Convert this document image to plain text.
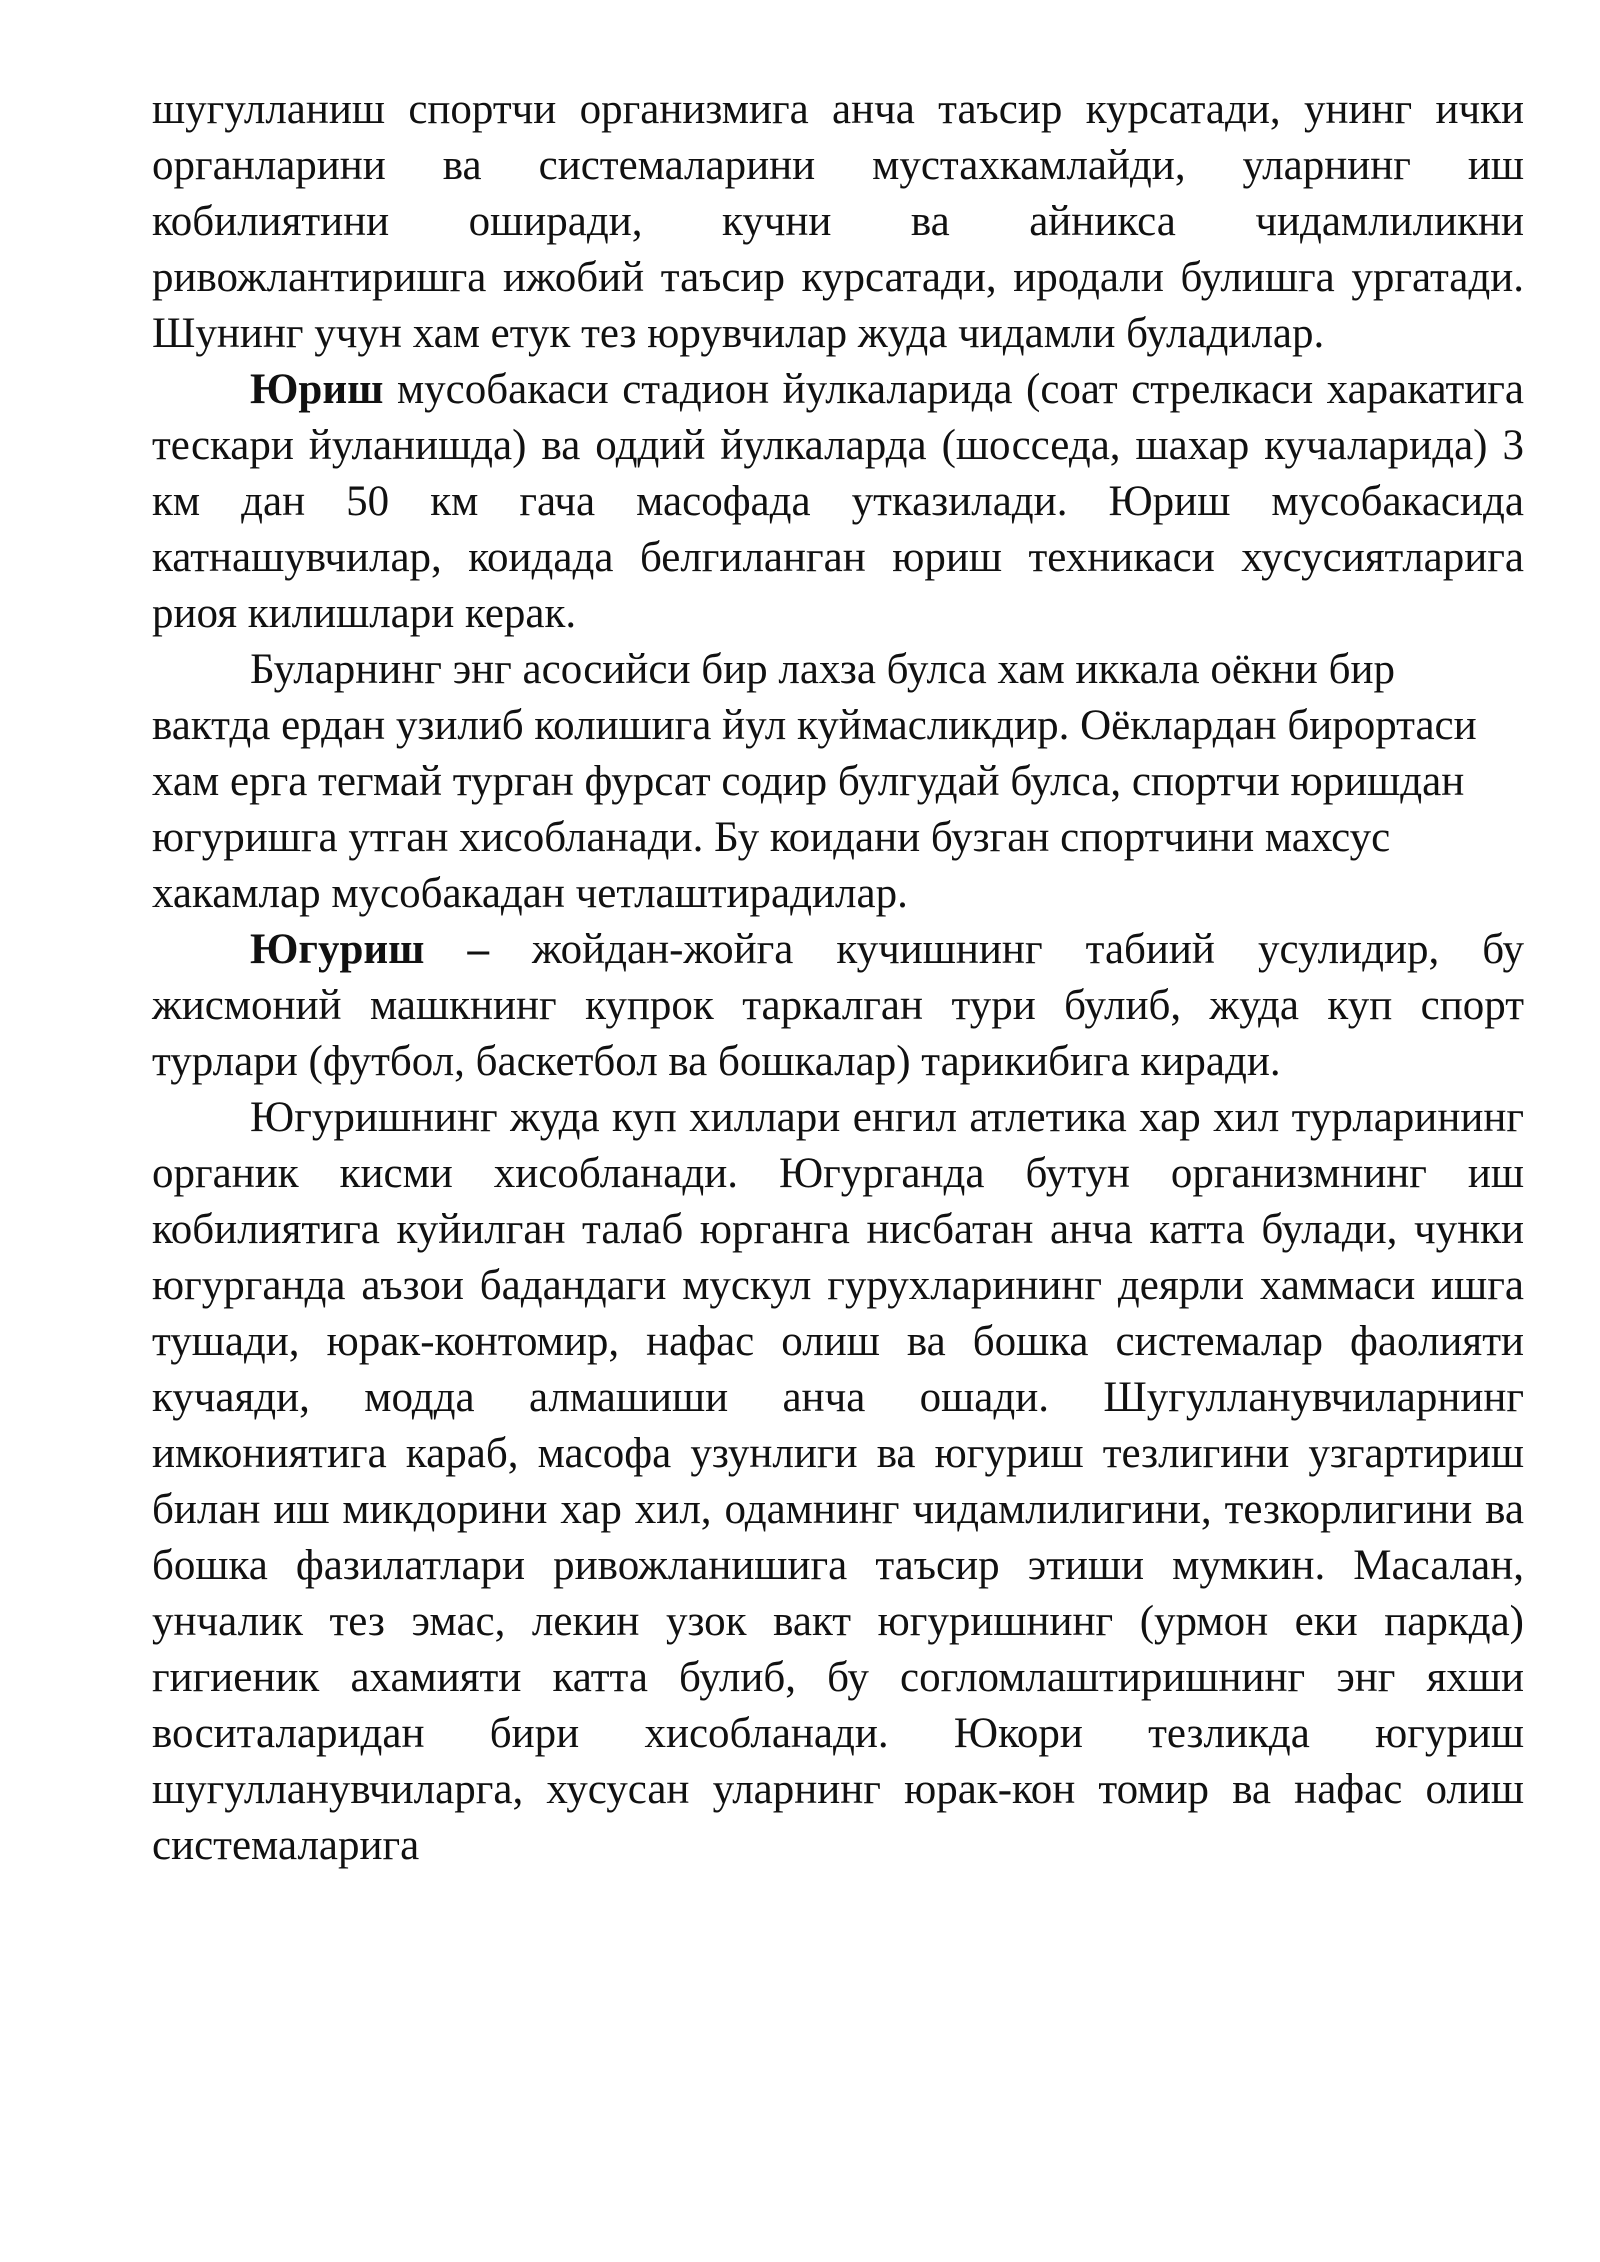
шугулланиш спортчи организмига анча таъсир курсатади, унинг ички органларини ва системаларини мустахкамлайди, уларнинг иш кобилиятини оширади, кучни ва айникса чидамлиликни ривожлантиришга ижобий таъсир курсатади, иродали булишга ургатади. Шунинг учун хам етук тез юрувчилар жуда чидамли буладилар.

Юриш мусобакаси стадион йулкаларида (соат стрелкаси харакатига тескари йуланишда) ва оддий йулкаларда (шосседа, шахар кучаларида) 3 км дан 50 км гача масофада утказилади. Юриш мусобакасида катнашувчилар, коидада белгиланган юриш техникаси хусусиятларига риоя килишлари керак.

Буларнинг энг асосийси бир лахза булса хам иккала оёкни бир вактда ердан узилиб колишига йул куймасликдир. Оёклардан бирортаси хам ерга тегмай турган фурсат содир булгудай булса, спортчи юришдан югуришга утган хисобланади. Бу коидани бузган спортчини махсус хакамлар мусобакадан четлаштирадилар.

Югуриш – жойдан-жойга кучишнинг табиий усулидир, бу жисмоний машкнинг купрок таркалган тури булиб, жуда куп спорт турлари (футбол, баскетбол ва бошкалар) тарикибига киради.

Югуришнинг жуда куп хиллари енгил атлетика хар хил турларининг органик кисми хисобланади. Югурганда бутун организмнинг иш кобилиятига куйилган талаб юрганга нисбатан анча катта булади, чунки югурганда аъзои бадандаги мускул гурухларининг деярли хаммаси ишга тушади, юрак-контомир, нафас олиш ва бошка системалар фаолияти кучаяди, модда алмашиши анча ошади. Шугулланувчиларнинг имкониятига караб, масофа узунлиги ва югуриш тезлигини узгартириш билан иш микдорини хар хил, одамнинг чидамлилигини, тезкорлигини ва бошка фазилатлари ривожланишига таъсир этиши мумкин. Масалан, унчалик тез эмас, лекин узок вакт югуришнинг (урмон еки паркда) гигиеник ахамияти катта булиб, бу согломлаштиришнинг энг яхши воситаларидан бири хисобланади. Юкори тезликда югуриш шугулланувчиларга, хусусан уларнинг юрак-кон томир ва нафас олиш системаларига
